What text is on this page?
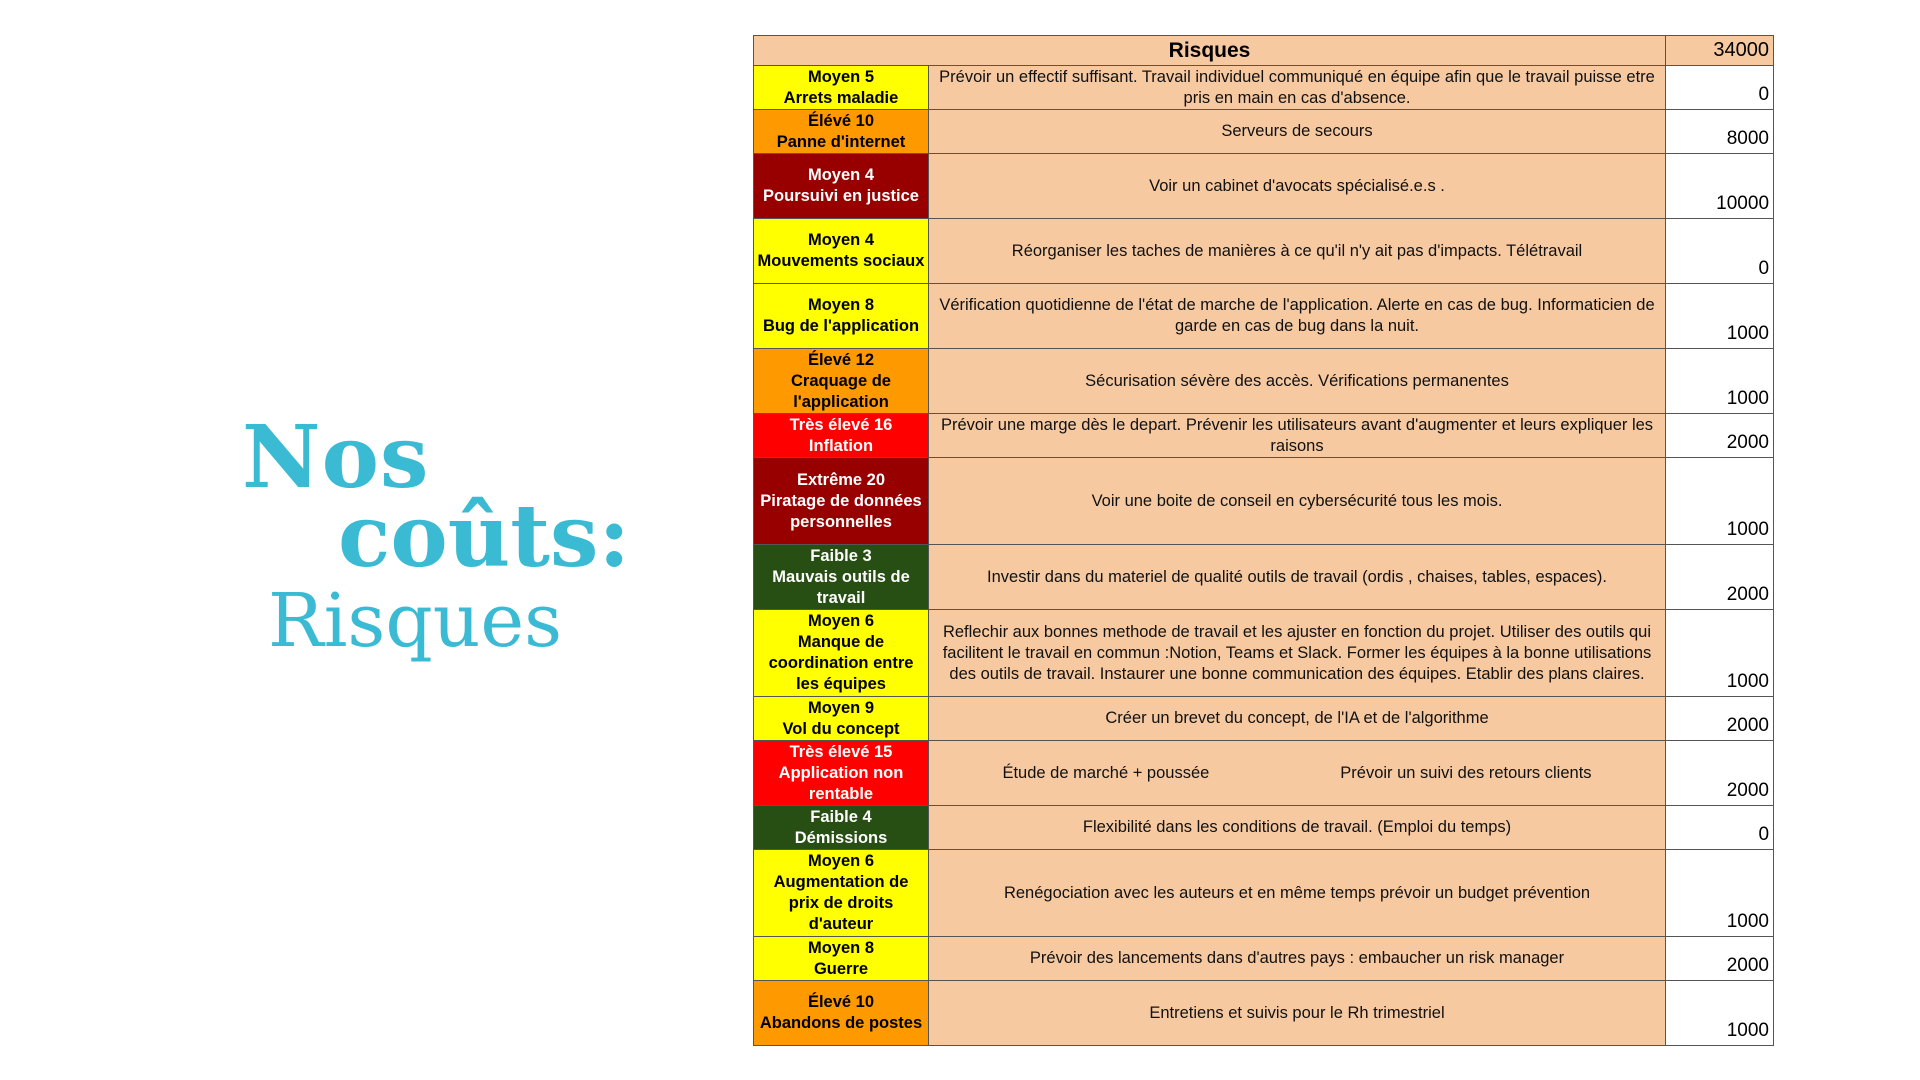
Nos
coûts:
Risques
Risques		34000

Moyen 5
Arrets maladie	Prévoir un effectif suffisant. Travail individuel communiqué en équipe afin que le travail puisse etre pris en main en cas d'absence.	0

Élévé 10
Panne d'internet	Serveurs de secours	8000

Moyen 4
Poursuivi en justice	Voir un cabinet d'avocats spécialisé.e.s .	10000

Moyen 4
Mouvements sociaux	Réorganiser les taches de manières à ce qu'il n'y ait pas d'impacts. Télétravail	0

Moyen 8
Bug de l'application	Vérification quotidienne de l'état de marche de l'application. Alerte en cas de bug. Informaticien de garde en cas de bug dans la nuit.	1000

Élevé 12
Craquage de l'application	Sécurisation sévère des accès. Vérifications permanentes	1000

Très élevé 16
Inflation	Prévoir une marge dès le depart. Prévenir les utilisateurs avant d'augmenter et leurs expliquer les raisons	2000

Extrême 20
Piratage de données personnelles	Voir une boite de conseil en cybersécurité tous les mois.	1000

Faible 3
Mauvais outils de travail	Investir dans du materiel de qualité outils de travail (ordis , chaises, tables, espaces).	2000

Moyen 6
Manque de coordination entre les équipes	Reflechir aux bonnes methode de travail et les ajuster en fonction du projet. Utiliser des outils qui facilitent le travail en commun :Notion, Teams et Slack. Former les équipes à la bonne utilisations des outils de travail. Instaurer une bonne communication des équipes. Etablir des plans claires.	1000

Moyen 9
Vol du concept	Créer un brevet du concept, de l'IA et de l'algorithme	2000

Très élevé 15
Application non rentable	Étude de marché + poussée Prévoir un suivi des retours clients	2000

Faible 4
Démissions	Flexibilité dans les conditions de travail. (Emploi du temps)	0

Moyen 6
Augmentation de prix de droits d'auteur	Renégociation avec les auteurs et en même temps prévoir un budget prévention	1000

Moyen 8
Guerre	Prévoir des lancements dans d'autres pays : embaucher un risk manager	2000

Élevé 10
Abandons de postes	Entretiens et suivis pour le Rh trimestriel	1000
